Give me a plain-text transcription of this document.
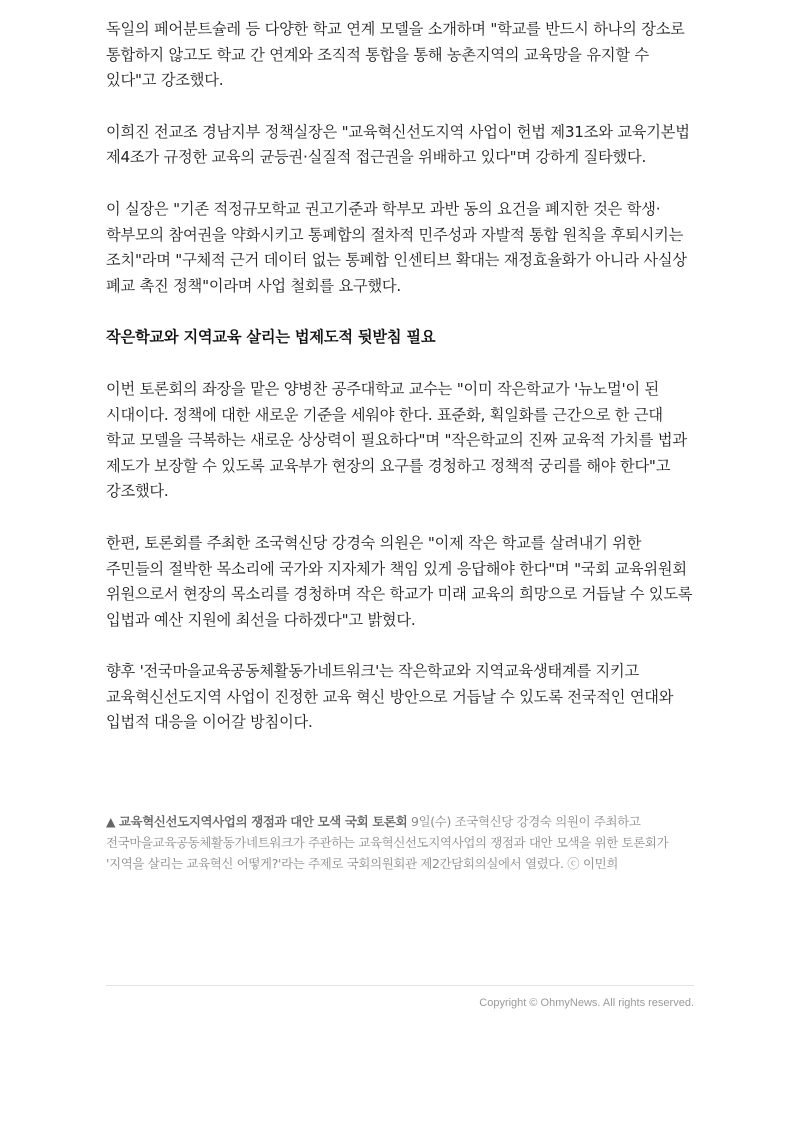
독일의 페어분트슐레 등 다양한 학교 연계 모델을 소개하며 "학교를 반드시 하나의 장소로 통합하지 않고도 학교 간 연계와 조직적 통합을 통해 농촌지역의 교육망을 유지할 수 있다"고 강조했다.

이희진 전교조 경남지부 정책실장은 "교육혁신선도지역 사업이 헌법 제31조와 교육기본법 제4조가 규정한 교육의 균등권·실질적 접근권을 위배하고 있다"며 강하게 질타했다.

이 실장은 "기존 적정규모학교 권고기준과 학부모 과반 동의 요건을 폐지한 것은 학생·학부모의 참여권을 약화시키고 통폐합의 절차적 민주성과 자발적 통합 원칙을 후퇴시키는 조치"라며 "구체적 근거 데이터 없는 통폐합 인센티브 확대는 재정효율화가 아니라 사실상 폐교 촉진 정책"이라며 사업 철회를 요구했다.

작은학교와 지역교육 살리는 법제도적 뒷받침 필요

이번 토론회의 좌장을 맡은 양병찬 공주대학교 교수는 "이미 작은학교가 '뉴노멀'이 된 시대이다. 정책에 대한 새로운 기준을 세워야 한다. 표준화, 획일화를 근간으로 한 근대 학교 모델을 극복하는 새로운 상상력이 필요하다"며 "작은학교의 진짜 교육적 가치를 법과 제도가 보장할 수 있도록 교육부가 현장의 요구를 경청하고 정책적 궁리를 해야 한다"고 강조했다.

한편, 토론회를 주최한 조국혁신당 강경숙 의원은 "이제 작은 학교를 살려내기 위한 주민들의 절박한 목소리에 국가와 지자체가 책임 있게 응답해야 한다"며 "국회 교육위원회 위원으로서 현장의 목소리를 경청하며 작은 학교가 미래 교육의 희망으로 거듭날 수 있도록 입법과 예산 지원에 최선을 다하겠다"고 밝혔다.

향후 '전국마을교육공동체활동가네트워크'는 작은학교와 지역교육생태계를 지키고 교육혁신선도지역 사업이 진정한 교육 혁신 방안으로 거듭날 수 있도록 전국적인 연대와 입법적 대응을 이어갈 방침이다.

▲ 교육혁신선도지역사업의 쟁점과 대안 모색 국회 토론회 9일(수) 조국혁신당 강경숙 의원이 주최하고 전국마을교육공동체활동가네트워크가 주관하는 교육혁신선도지역사업의 쟁점과 대안 모색을 위한 토론회가 '지역을 살리는 교육혁신 어떻게?'라는 주제로 국회의원회관 제2간담회의실에서 열렸다. ⓒ 이민희
Copyright © OhmyNews. All rights reserved.
